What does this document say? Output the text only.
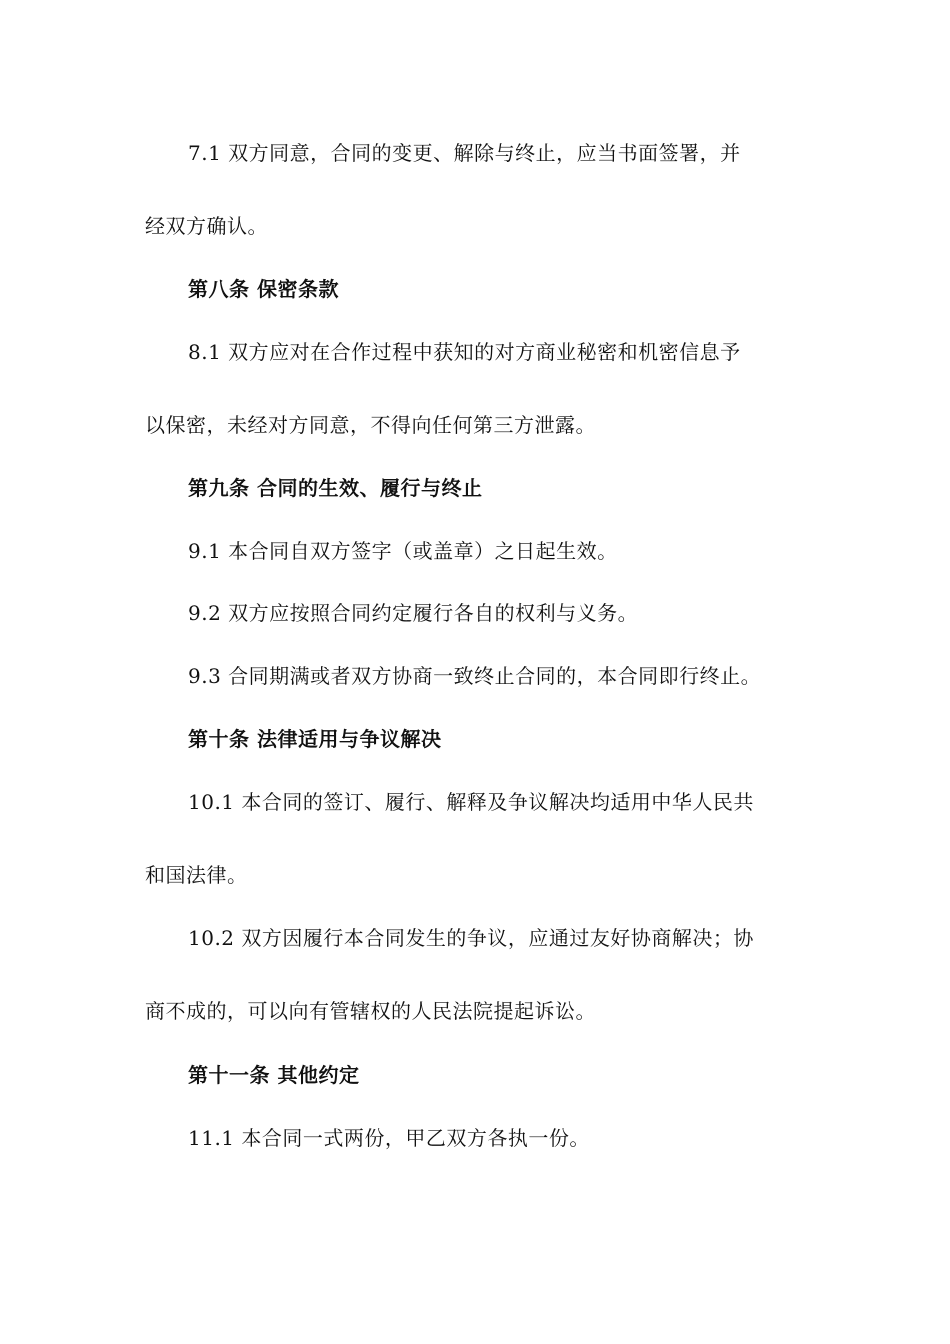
7.1 双方同意，合同的变更、解除与终止，应当书面签署，并
经双方确认。
第八条 保密条款
8.1 双方应对在合作过程中获知的对方商业秘密和机密信息予
以保密，未经对方同意，不得向任何第三方泄露。
第九条 合同的生效、履行与终止
9.1 本合同自双方签字（或盖章）之日起生效。
9.2 双方应按照合同约定履行各自的权利与义务。
9.3 合同期满或者双方协商一致终止合同的，本合同即行终止。
第十条 法律适用与争议解决
10.1 本合同的签订、履行、解释及争议解决均适用中华人民共
和国法律。
10.2 双方因履行本合同发生的争议，应通过友好协商解决；协
商不成的，可以向有管辖权的人民法院提起诉讼。
第十一条 其他约定
11.1 本合同一式两份，甲乙双方各执一份。
